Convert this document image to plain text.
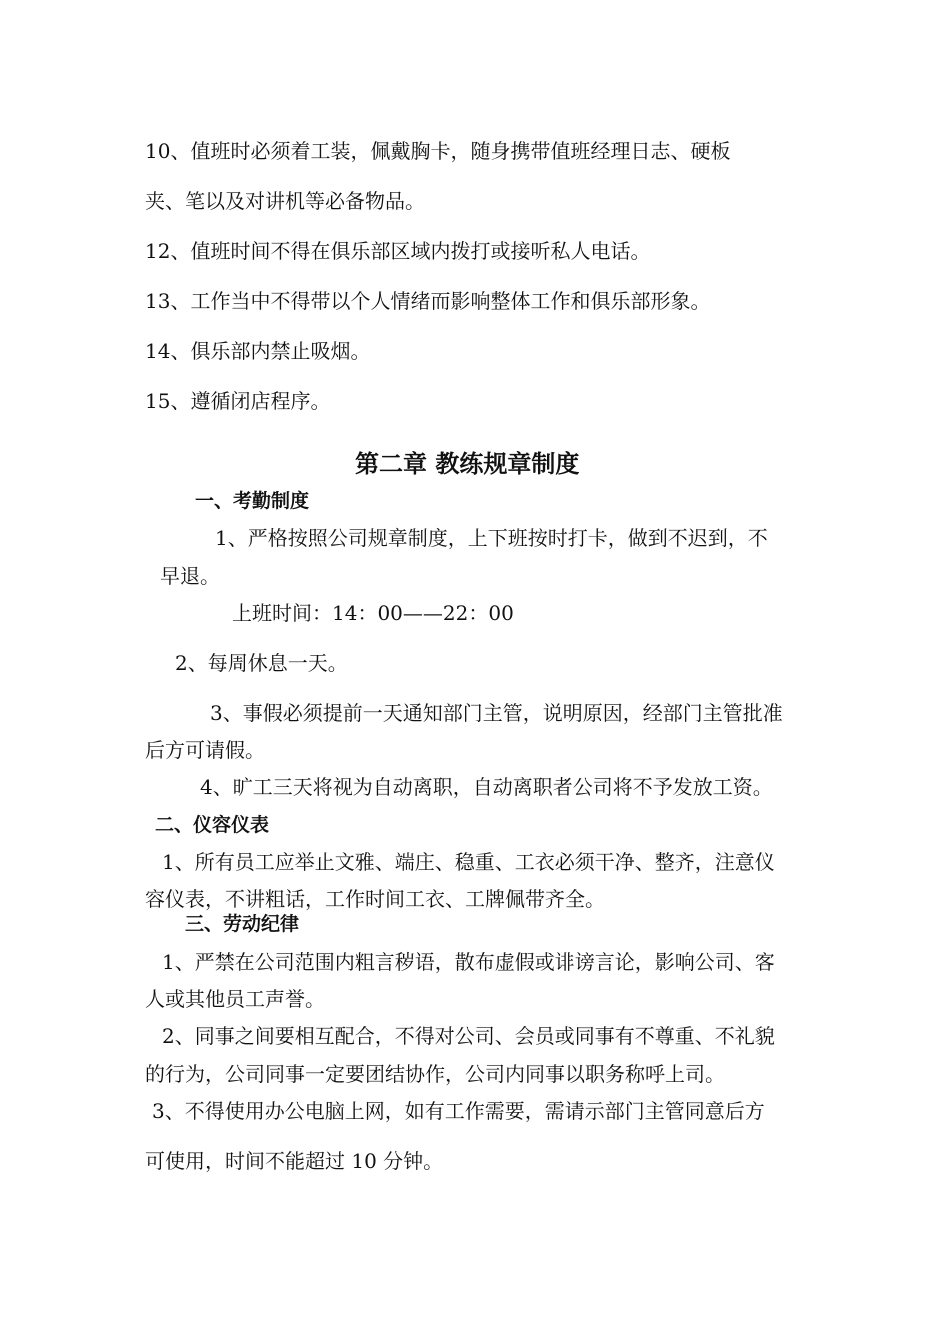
10、值班时必须着工装，佩戴胸卡，随身携带值班经理日志、硬板
夹、笔以及对讲机等必备物品。
12、值班时间不得在俱乐部区域内拨打或接听私人电话。
13、工作当中不得带以个人情绪而影响整体工作和俱乐部形象。
14、俱乐部内禁止吸烟。
15、遵循闭店程序。
第二章 教练规章制度
一、考勤制度
1、严格按照公司规章制度，上下班按时打卡，做到不迟到，不
早退。
上班时间：14：00——22：00
2、每周休息一天。
3、事假必须提前一天通知部门主管，说明原因，经部门主管批准
后方可请假。
4、旷工三天将视为自动离职，自动离职者公司将不予发放工资。
二、仪容仪表
1、所有员工应举止文雅、端庄、稳重、工衣必须干净、整齐，注意仪
容仪表，不讲粗话，工作时间工衣、工牌佩带齐全。
三、劳动纪律
1、严禁在公司范围内粗言秽语，散布虚假或诽谤言论，影响公司、客
人或其他员工声誉。
2、同事之间要相互配合，不得对公司、会员或同事有不尊重、不礼貌
的行为，公司同事一定要团结协作，公司内同事以职务称呼上司。
3、不得使用办公电脑上网，如有工作需要，需请示部门主管同意后方
可使用，时间不能超过 10 分钟。
